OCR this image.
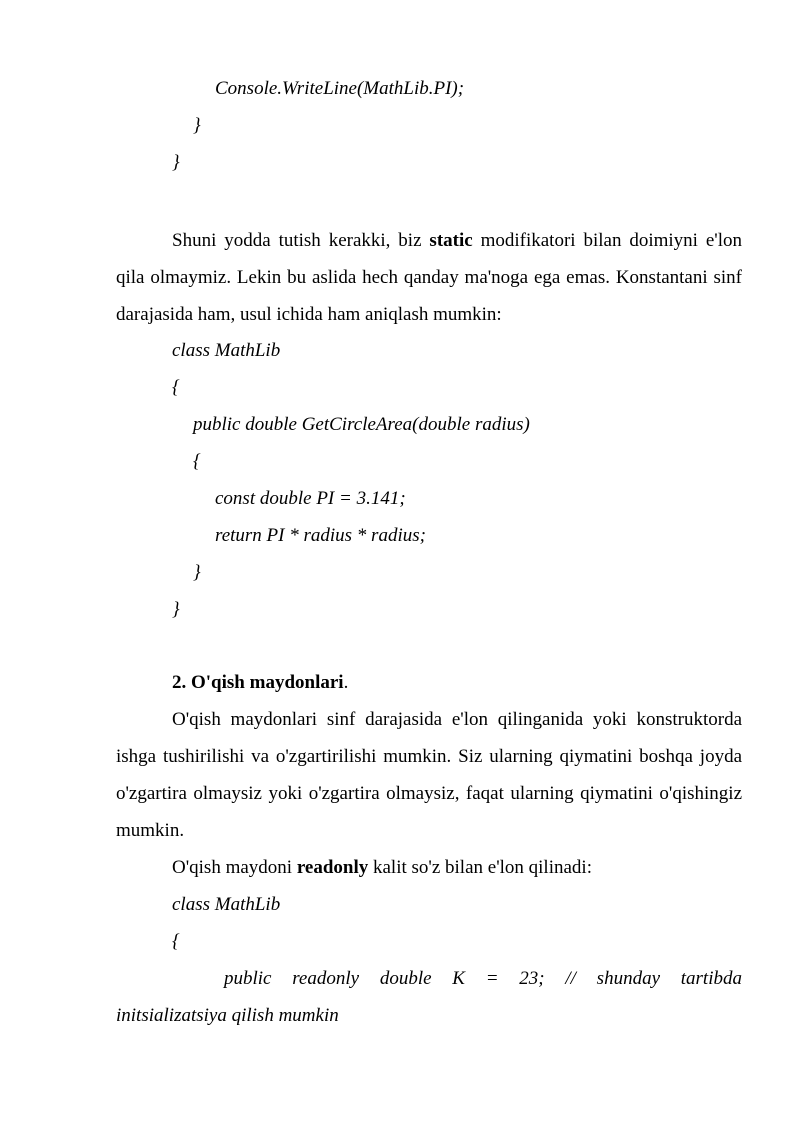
Console.WriteLine(MathLib.PI);
}
}
Shuni yodda tutish kerakki, biz static modifikatori bilan doimiyni e'lon qila olmaymiz. Lekin bu aslida hech qanday ma'noga ega emas. Konstantani sinf darajasida ham, usul ichida ham aniqlash mumkin:
class MathLib
{
public double GetCircleArea(double radius)
{
const double PI = 3.141;
return PI * radius * radius;
}
}
2. O'qish maydonlari.
O'qish maydonlari sinf darajasida e'lon qilinganida yoki konstruktorda ishga tushirilishi va o'zgartirilishi mumkin. Siz ularning qiymatini boshqa joyda o'zgartira olmaysiz yoki o'zgartira olmaysiz, faqat ularning qiymatini o'qishingiz mumkin.
O'qish maydoni readonly kalit so'z bilan e'lon qilinadi:
class MathLib
{
public readonly double K = 23; // shunday tartibda
initsializatsiya qilish mumkin
